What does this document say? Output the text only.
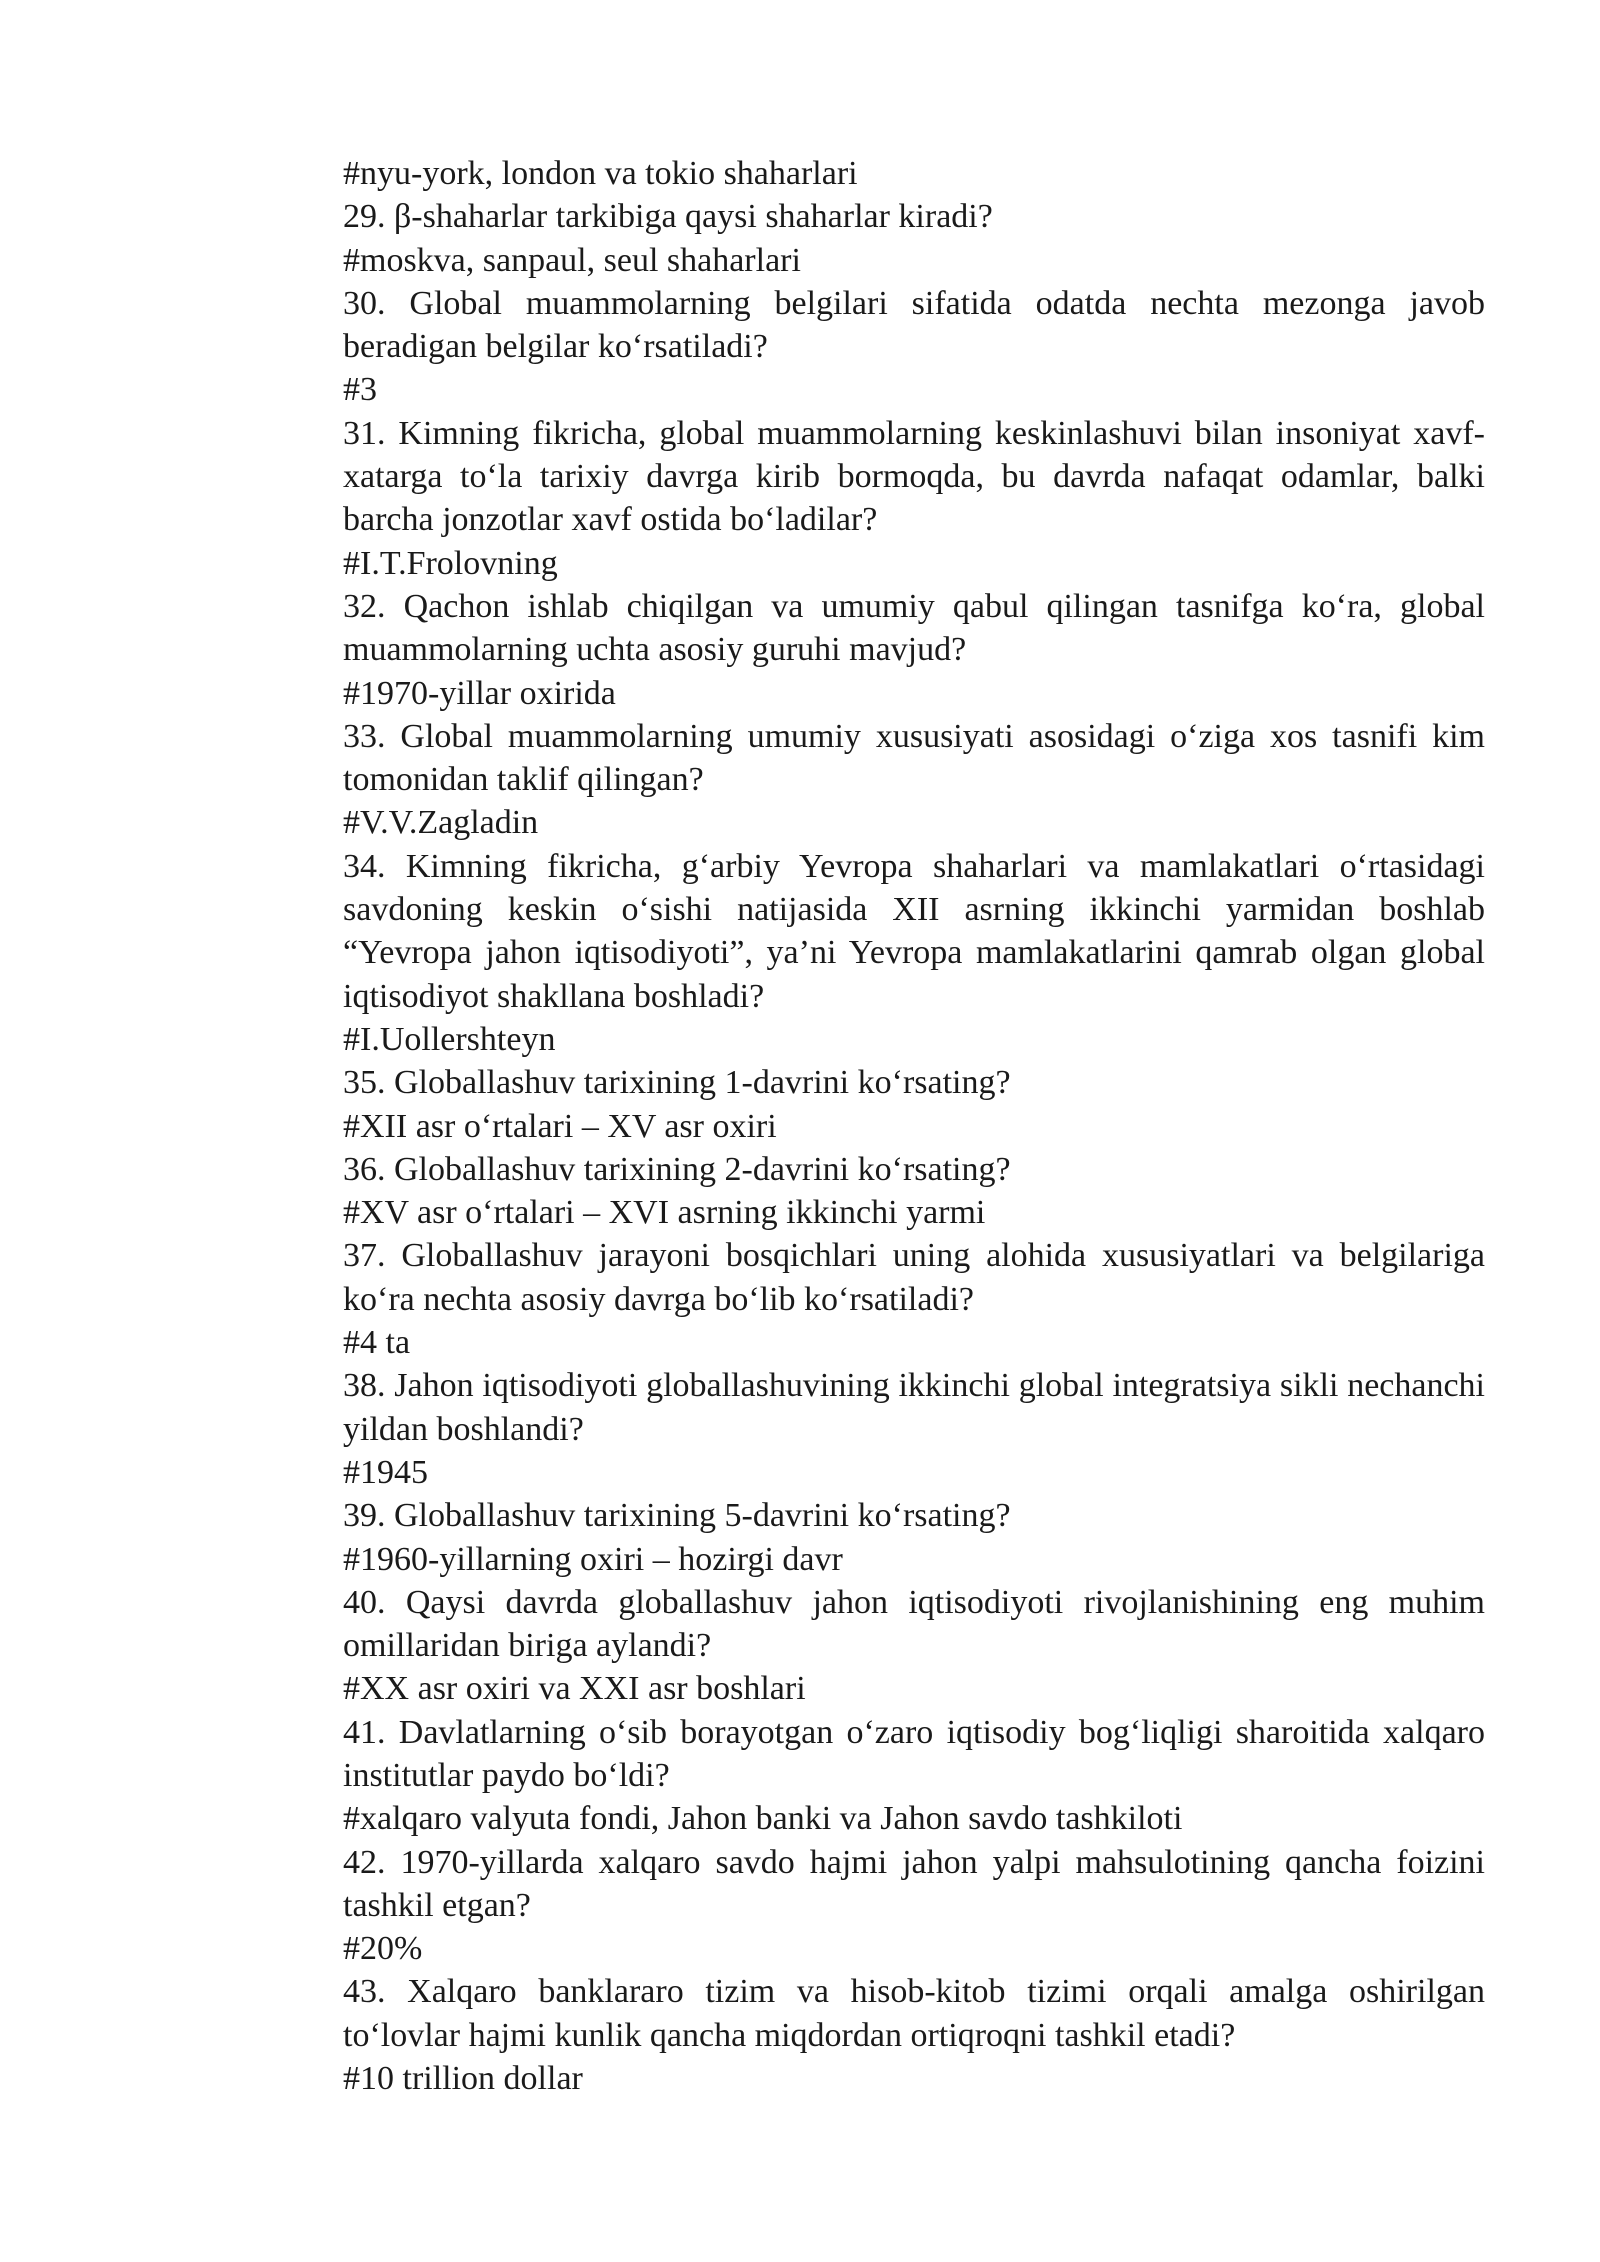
#nyu-york, london va tokio shaharlari

29. β-shaharlar tarkibiga qaysi shaharlar kiradi?

#moskva, sanpaul, seul shaharlari

30. Global muammolarning belgilari sifatida odatda nechta mezonga javob beradigan belgilar ko‘rsatiladi?

#3

31. Kimning fikricha, global muammolarning keskinlashuvi bilan insoniyat xavf-xatarga to‘la tarixiy davrga kirib bormoqda, bu davrda nafaqat odamlar, balki barcha jonzotlar xavf ostida bo‘ladilar?

#I.T.Frolovning

32. Qachon ishlab chiqilgan va umumiy qabul qilingan tasnifga ko‘ra, global muammolarning uchta asosiy guruhi mavjud?

#1970-yillar oxirida

33. Global muammolarning umumiy xususiyati asosidagi o‘ziga xos tasnifi kim tomonidan taklif qilingan?

#V.V.Zagladin

34. Kimning fikricha, g‘arbiy Yevropa shaharlari va mamlakatlari o‘rtasidagi savdoning keskin o‘sishi natijasida XII asrning ikkinchi yarmidan boshlab “Yevropa jahon iqtisodiyoti”, ya’ni Yevropa mamlakatlarini qamrab olgan global iqtisodiyot shakllana boshladi?

#I.Uollershteyn

35. Globallashuv tarixining 1-davrini ko‘rsating?

#XII asr o‘rtalari – XV asr oxiri

36. Globallashuv tarixining 2-davrini ko‘rsating?

#XV asr o‘rtalari – XVI asrning ikkinchi yarmi

37. Globallashuv jarayoni bosqichlari uning alohida xususiyatlari va belgilariga ko‘ra nechta asosiy davrga bo‘lib ko‘rsatiladi?

#4 ta

38. Jahon iqtisodiyoti globallashuvining ikkinchi global integratsiya sikli nechanchi yildan boshlandi?

#1945

39. Globallashuv tarixining 5-davrini ko‘rsating?

#1960-yillarning oxiri – hozirgi davr

40. Qaysi davrda globallashuv jahon iqtisodiyoti rivojlanishining eng muhim omillaridan biriga aylandi?

#XX asr oxiri va XXI asr boshlari

41. Davlatlarning o‘sib borayotgan o‘zaro iqtisodiy bog‘liqligi sharoitida xalqaro institutlar paydo bo‘ldi?

#xalqaro valyuta fondi, Jahon banki va Jahon savdo tashkiloti

42. 1970-yillarda xalqaro savdo hajmi jahon yalpi mahsulotining qancha foizini tashkil etgan?

#20%

43. Xalqaro banklararo tizim va hisob-kitob tizimi orqali amalga oshirilgan to‘lovlar hajmi kunlik qancha miqdordan ortiqroqni tashkil etadi?

#10 trillion dollar
